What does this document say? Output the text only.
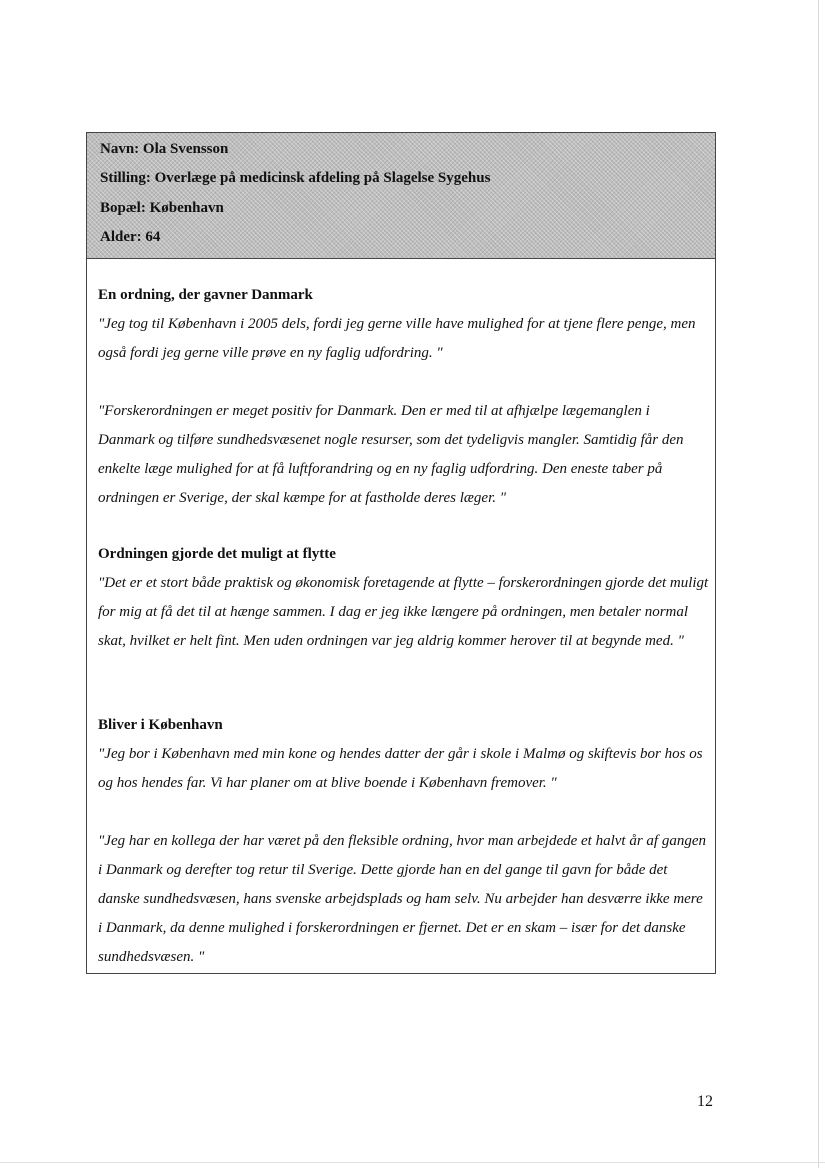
Navn: Ola Svensson
Stilling: Overlæge på medicinsk afdeling på Slagelse Sygehus
Bopæl: København
Alder: 64

En ordning, der gavner Danmark

"Jeg tog til København i 2005 dels, fordi jeg gerne ville have mulighed for at tjene flere penge, men også fordi jeg gerne ville prøve en ny faglig udfordring. "

"Forskerordningen er meget positiv for Danmark. Den er med til at afhjælpe lægemanglen i Danmark og tilføre sundhedsvæsenet nogle resurser, som det tydeligvis mangler. Samtidig får den enkelte læge mulighed for at få luftforandring og en ny faglig udfordring. Den eneste taber på ordningen er Sverige, der skal kæmpe for at fastholde deres læger. "

Ordningen gjorde det muligt at flytte

"Det er et stort både praktisk og økonomisk foretagende at flytte – forskerordningen gjorde det muligt for mig at få det til at hænge sammen. I dag er jeg ikke længere på ordningen, men betaler normal skat, hvilket er helt fint. Men uden ordningen var jeg aldrig kommer herover til at begynde med. "

Bliver i København

"Jeg bor i København med min kone og hendes datter der går i skole i Malmø og skiftevis bor hos os og hos hendes far. Vi har planer om at blive boende i København fremover. "

"Jeg har en kollega der har været på den fleksible ordning, hvor man arbejdede et halvt år af gangen i Danmark og derefter tog retur til Sverige. Dette gjorde han en del gange til gavn for både det danske sundhedsvæsen, hans svenske arbejdsplads og ham selv. Nu arbejder han desværre ikke mere i Danmark, da denne mulighed i forskerordningen er fjernet. Det er en skam – især for det danske sundhedsvæsen. "

12
